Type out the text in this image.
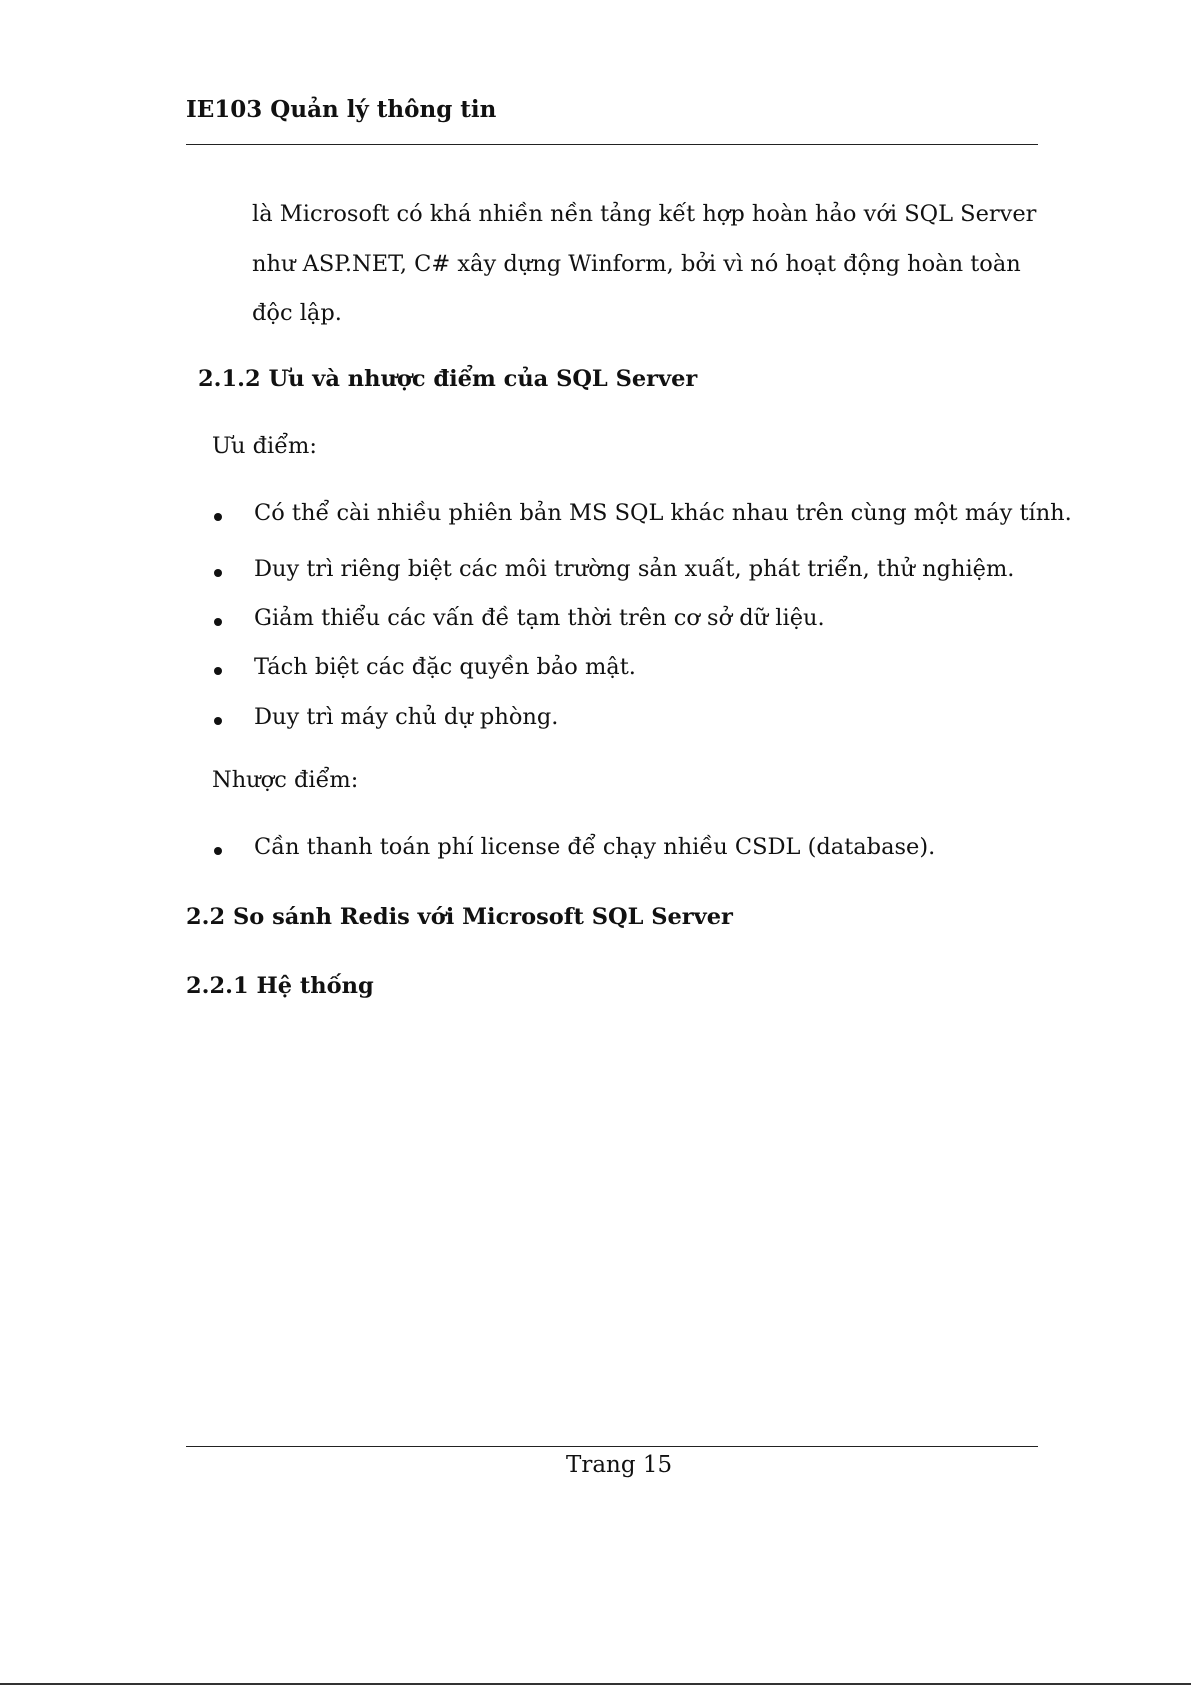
IE103 Quản lý thông tin
là Microsoft có khá nhiền nền tảng kết hợp hoàn hảo với SQL Server
như ASP.NET, C# xây dựng Winform, bởi vì nó hoạt động hoàn toàn
độc lập.
2.1.2 Ưu và nhược điểm của SQL Server
Ưu điểm:
Có thể cài nhiều phiên bản MS SQL khác nhau trên cùng một máy tính.
Duy trì riêng biệt các môi trường sản xuất, phát triển, thử nghiệm.
Giảm thiểu các vấn đề tạm thời trên cơ sở dữ liệu.
Tách biệt các đặc quyền bảo mật.
Duy trì máy chủ dự phòng.
Nhược điểm:
Cần thanh toán phí license để chạy nhiều CSDL (database).
2.2 So sánh Redis với Microsoft SQL Server
2.2.1 Hệ thống
Trang 15
